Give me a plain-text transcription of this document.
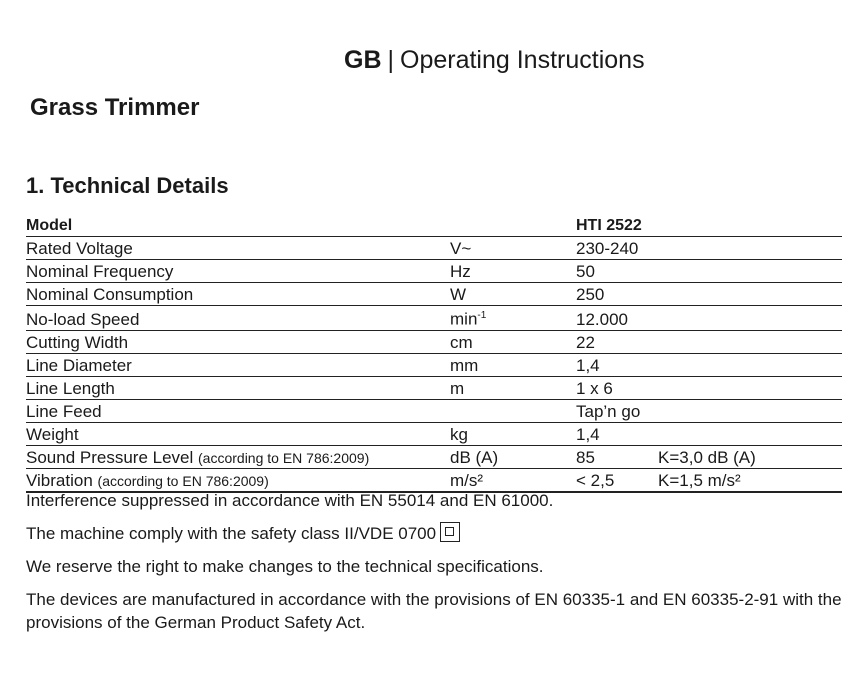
GB | Operating Instructions
Grass Trimmer
1. Technical Details
Model		HTI 2522	
Rated Voltage	V~	230-240	
Nominal Frequency	Hz	50	
Nominal Consumption	W	250	
No-load Speed	$\min^{-1}$	12.000	
Cutting Width	cm	22	
Line Diameter	mm	1,4	
Line Length	m	1 x 6	
Line Feed		Tap’n go	
Weight	kg	1,4	
Sound Pressure Level (according to EN 786:2009)	dB (A)	85	K=3,0 dB (A)
Vibration (according to EN 786:2009)	m/s²	< 2,5	K=1,5 m/s²

Interference suppressed in accordance with EN 55014 and EN 61000.

The machine comply with the safety class II/VDE 0700

We reserve the right to make changes to the technical specifications.

The devices are manufactured in accordance with the provisions of EN 60335-1 and EN 60335-2-91 with the provisions of the German Product Safety Act.
